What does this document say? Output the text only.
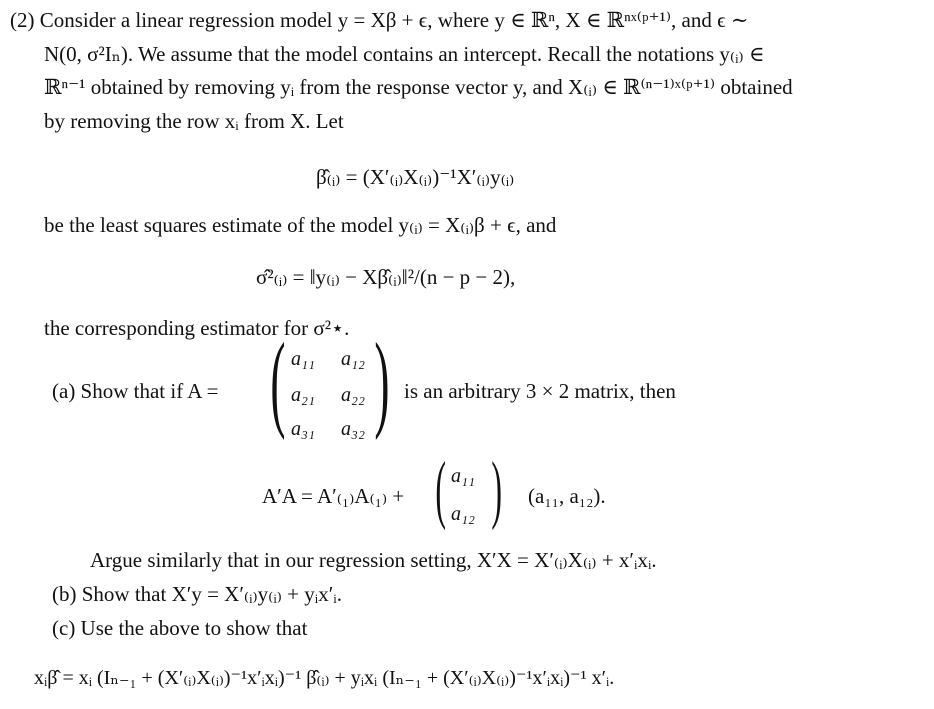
(2) Consider a linear regression model y = Xβ + ϵ, where y ∈ ℝⁿ, X ∈ ℝⁿˣ⁽ᵖ⁺¹⁾, and ϵ ∼
N(0, σ²Iₙ). We assume that the model contains an intercept. Recall the notations y₍ᵢ₎ ∈
ℝⁿ⁻¹ obtained by removing yᵢ from the response vector y, and X₍ᵢ₎ ∈ ℝ⁽ⁿ⁻¹⁾ˣ⁽ᵖ⁺¹⁾ obtained
by removing the row xᵢ from X. Let
β̂₍ᵢ₎ = (X′₍ᵢ₎X₍ᵢ₎)⁻¹X′₍ᵢ₎y₍ᵢ₎
be the least squares estimate of the model y₍ᵢ₎ = X₍ᵢ₎β + ϵ, and
σ̂²₍ᵢ₎ = ‖y₍ᵢ₎ − Xβ̂₍ᵢ₎‖²/(n − p − 2),
the corresponding estimator for σ²⋆.
(a) Show that if A = ( a₁₁	a₁₂
a₂₁	a₂₂
a₃₁	a₃₂ ) is an arbitrary 3 × 2 matrix, then
A′A = A′₍₁₎A₍₁₎ + ( a₁₁
a₁₂ ) (a₁₁, a₁₂).
Argue similarly that in our regression setting, X′X = X′₍ᵢ₎X₍ᵢ₎ + x′ᵢxᵢ.
(b) Show that X′y = X′₍ᵢ₎y₍ᵢ₎ + yᵢx′ᵢ.
(c) Use the above to show that
xᵢβ̂ = xᵢ (Iₙ₋₁ + (X′₍ᵢ₎X₍ᵢ₎)⁻¹x′ᵢxᵢ)⁻¹ β̂₍ᵢ₎ + yᵢxᵢ (Iₙ₋₁ + (X′₍ᵢ₎X₍ᵢ₎)⁻¹x′ᵢxᵢ)⁻¹ x′ᵢ.
